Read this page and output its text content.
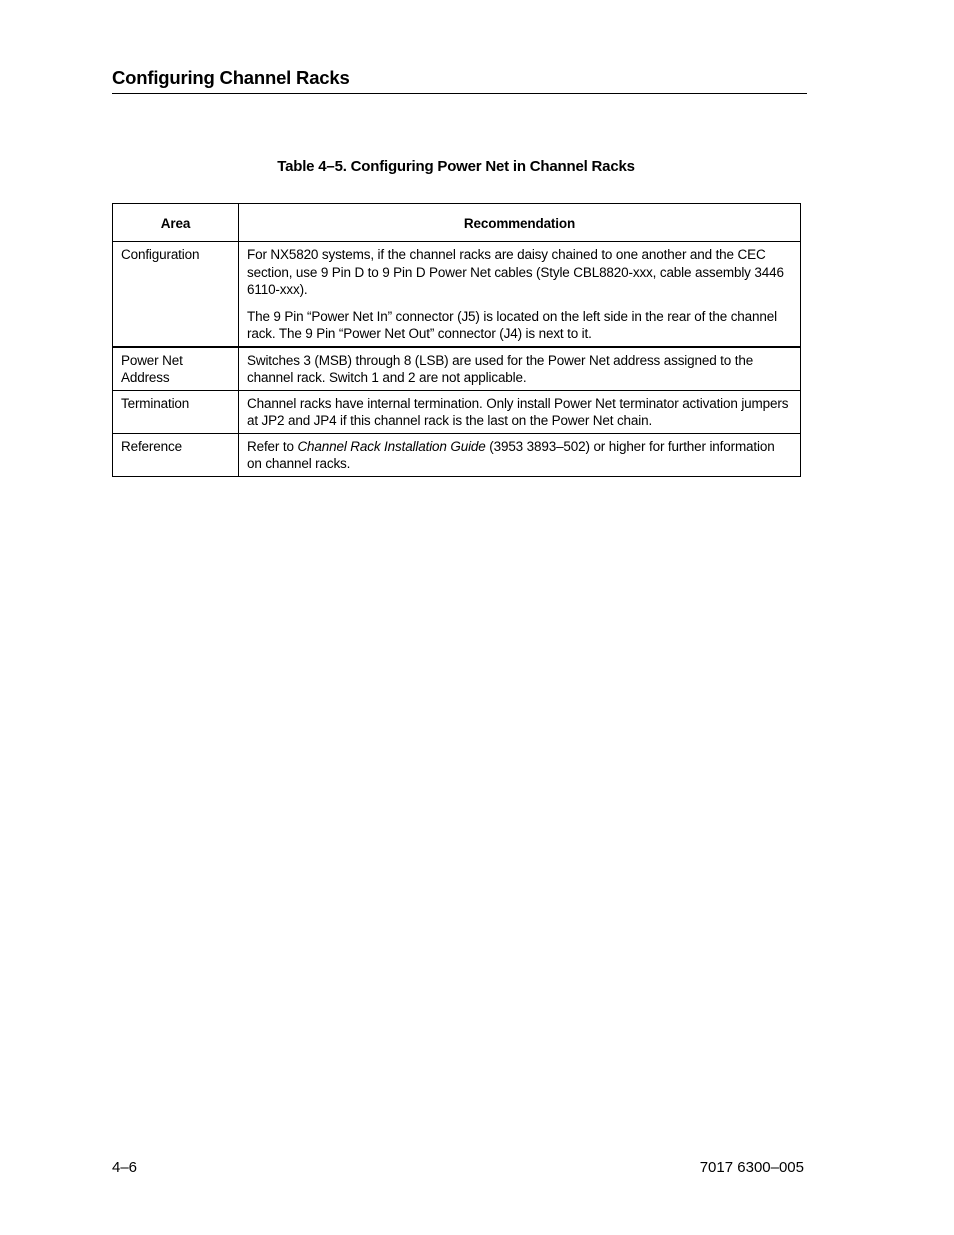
Configuring Channel Racks
Table 4–5. Configuring Power Net in Channel Racks
Area	Recommendation
Configuration	For NX5820 systems, if the channel racks are daisy chained to one another and the CEC section, use 9 Pin D to 9 Pin D Power Net cables (Style CBL8820-xxx, cable assembly 3446 6110-xxx).

The 9 Pin “Power Net In” connector (J5) is located on the left side in the rear of the channel rack. The 9 Pin “Power Net Out” connector (J4) is next to it.

Power Net Address	Switches 3 (MSB) through 8 (LSB) are used for the Power Net address assigned to the channel rack. Switch 1 and 2 are not applicable.

Termination	Channel racks have internal termination. Only install Power Net terminator activation jumpers at JP2 and JP4 if this channel rack is the last on the Power Net chain.

Reference	Refer to Channel Rack Installation Guide (3953 3893–502) or higher for further information on channel racks.

4–6	7017 6300–005
